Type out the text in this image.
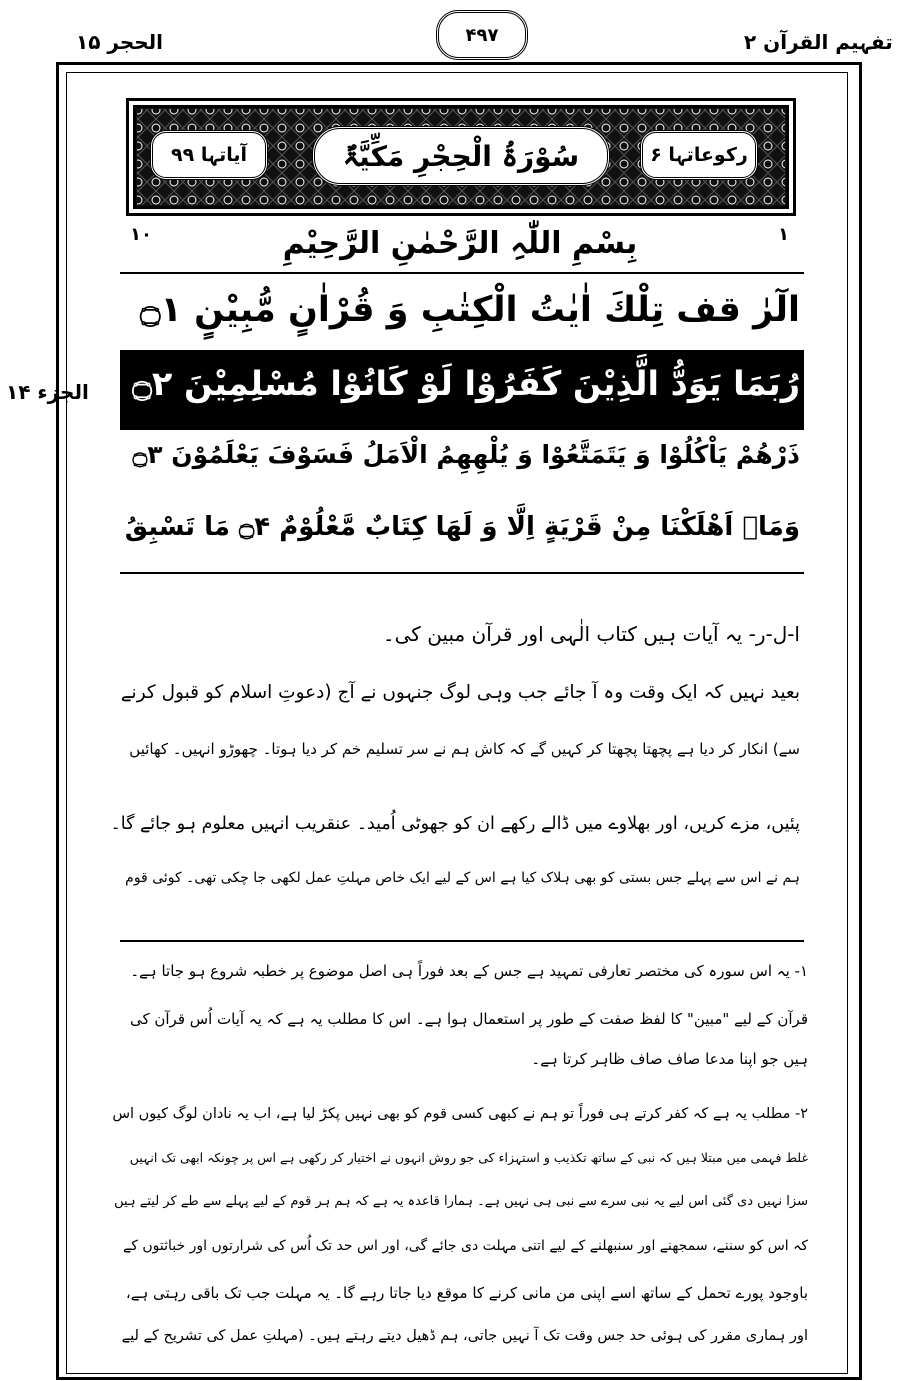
تفہیم القرآن ۲
۴۹۷
الحجر ۱۵
آیاتہا ۹۹	سُوْرَۃُ الْحِجْرِ مَکِّیَّۃٌ	رکوعاتہا ۶
۱۰	بِسْمِ اللّٰہِ الرَّحْمٰنِ الرَّحِیْمِ	۱
الٓرٰ قف تِلْكَ اٰيٰتُ الْكِتٰبِ وَ قُرْاٰنٍ مُّبِيْنٍ ۝۱
رُبَمَا يَوَدُّ الَّذِيْنَ كَفَرُوْا لَوْ كَانُوْا مُسْلِمِيْنَ ۝۲
الجزء ۱۴
ذَرْهُمْ يَاْكُلُوْا وَ يَتَمَتَّعُوْا وَ يُلْهِهِمُ الْاَمَلُ فَسَوْفَ يَعْلَمُوْنَ ۝۳
وَمَاۤ اَهْلَكْنَا مِنْ قَرْيَةٍ اِلَّا وَ لَهَا كِتَابٌ مَّعْلُوْمٌ ۝۴ مَا تَسْبِقُ
ا-ل-ر- یہ آیات ہیں کتاب الٰہی اور قرآن مبین کی۔
بعید نہیں کہ ایک وقت وہ آ جائے جب وہی لوگ جنہوں نے آج (دعوتِ اسلام کو قبول کرنے
سے) انکار کر دیا ہے پچھتا پچھتا کر کہیں گے کہ کاش ہم نے سر تسلیم خم کر دیا ہوتا۔ چھوڑو انہیں۔ کھائیں
پئیں، مزے کریں، اور بھلاوے میں ڈالے رکھے ان کو جھوٹی اُمید۔ عنقریب انہیں معلوم ہو جائے گا۔
ہم نے اس سے پہلے جس بستی کو بھی ہلاک کیا ہے اس کے لیے ایک خاص مہلتِ عمل لکھی جا چکی تھی۔ کوئی قوم
۱- یہ اس سورہ کی مختصر تعارفی تمہید ہے جس کے بعد فوراً ہی اصل موضوع پر خطبہ شروع ہو جاتا ہے۔
قرآن کے لیے "مبین" کا لفظ صفت کے طور پر استعمال ہوا ہے۔ اس کا مطلب یہ ہے کہ یہ آیات اُس قرآن کی
ہیں جو اپنا مدعا صاف صاف ظاہر کرتا ہے۔
۲- مطلب یہ ہے کہ کفر کرتے ہی فوراً تو ہم نے کبھی کسی قوم کو بھی نہیں پکڑ لیا ہے، اب یہ نادان لوگ کیوں اس
غلط فہمی میں مبتلا ہیں کہ نبی کے ساتھ تکذیب و استہزاء کی جو روش انہوں نے اختیار کر رکھی ہے اس پر چونکہ ابھی تک انہیں
سزا نہیں دی گئی اس لیے یہ نبی سرے سے نبی ہی نہیں ہے۔ ہمارا قاعدہ یہ ہے کہ ہم ہر قوم کے لیے پہلے سے طے کر لیتے ہیں
کہ اس کو سننے، سمجھنے اور سنبھلنے کے لیے اتنی مہلت دی جائے گی، اور اس حد تک اُس کی شرارتوں اور خباثتوں کے
باوجود پورے تحمل کے ساتھ اسے اپنی من مانی کرنے کا موقع دیا جاتا رہے گا۔ یہ مہلت جب تک باقی رہتی ہے،
اور ہماری مقرر کی ہوئی حد جس وقت تک آ نہیں جاتی، ہم ڈھیل دیتے رہتے ہیں۔ (مہلتِ عمل کی تشریح کے لیے
